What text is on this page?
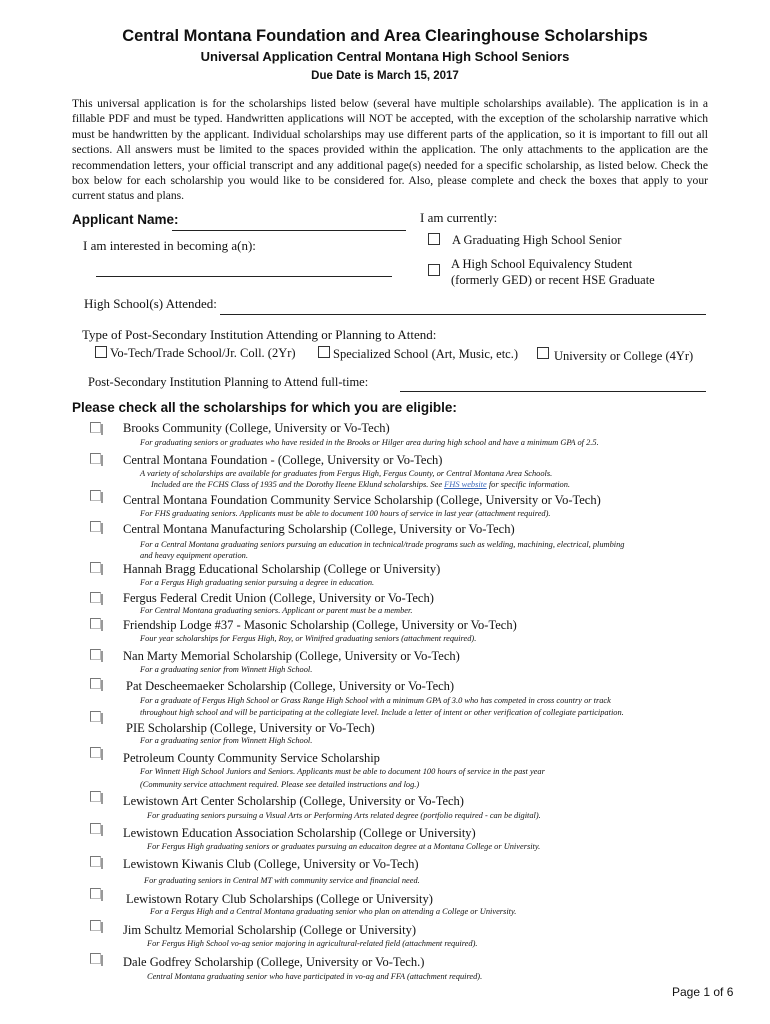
Central Montana Foundation and Area Clearinghouse Scholarships
Universal Application Central Montana High School Seniors
Due Date is March 15, 2017
This universal application is for the scholarships listed below (several have multiple scholarships available). The application is in a fillable PDF and must be typed. Handwritten applications will NOT be accepted, with the exception of the scholarship narrative which must be handwritten by the applicant. Individual scholarships may use different parts of the application, so it is important to fill out all sections. All answers must be limited to the spaces provided within the application. The only attachments to the application are the recommendation letters, your official transcript and any additional page(s) needed for a specific scholarship, as listed below. Check the box below for each scholarship you would like to be considered for. Also, please complete and check the boxes that apply to your current status and plans.
Applicant Name:	I am currently:
I am interested in becoming a(n):	A Graduating High School Senior
A High School Equivalency Student
(formerly GED) or recent HSE Graduate
High School(s) Attended:
Type of Post-Secondary Institution Attending or Planning to Attend:
Vo-Tech/Trade School/Jr. Coll. (2Yr)	Specialized School (Art, Music, etc.)	University or College (4Yr)
Post-Secondary Institution Planning to Attend full-time:
Please check all the scholarships for which you are eligible:
Brooks Community (College, University or Vo-Tech)
For graduating seniors or graduates who have resided in the Brooks or Hilger area during high school and have a minimum GPA of 2.5.
Central Montana Foundation - (College, University or Vo-Tech)
A variety of scholarships are available for graduates from Fergus High, Fergus County, or Central Montana Area Schools.
Included are the FCHS Class of 1935 and the Dorothy Ileene Eklund scholarships. See FHS website for specific information.
Central Montana Foundation Community Service Scholarship (College, University or Vo-Tech)
For FHS graduating seniors. Applicants must be able to document 100 hours of service in last year (attachment required).
Central Montana Manufacturing Scholarship (College, University or Vo-Tech)
For a Central Montana graduating seniors pursuing an education in technical/trade programs such as welding, machining, electrical, plumbing
and heavy equipment operation.
Hannah Bragg Educational Scholarship (College or University)
For a Fergus High graduating senior pursuing a degree in education.
Fergus Federal Credit Union (College, University or Vo-Tech)
For Central Montana graduating seniors. Applicant or parent must be a member.
Friendship Lodge #37 - Masonic Scholarship (College, University or Vo-Tech)
Four year scholarships for Fergus High, Roy, or Winifred graduating seniors (attachment required).
Nan Marty Memorial Scholarship (College, University or Vo-Tech)
For a graduating senior from Winnett High School.
Pat Descheemaeker Scholarship (College, University or Vo-Tech)
For a graduate of Fergus High School or Grass Range High School with a minimum GPA of 3.0 who has competed in cross country or track
throughout high school and will be participating at the collegiate level. Include a letter of intent or other verification of collegiate participation.
PIE Scholarship (College, University or Vo-Tech)
For a graduating senior from Winnett High School.
Petroleum County Community Service Scholarship
For Winnett High School Juniors and Seniors. Applicants must be able to document 100 hours of service in the past year
(Community service attachment required. Please see detailed instructions and log.)
Lewistown Art Center Scholarship (College, University or Vo-Tech)
For graduating seniors pursuing a Visual Arts or Performing Arts related degree (portfolio required - can be digital).
Lewistown Education Association Scholarship (College or University)
For Fergus High graduating seniors or graduates pursuing an educaiton degree at a Montana College or University.
Lewistown Kiwanis Club (College, University or Vo-Tech)
For graduating seniors in Central MT with community service and financial need.
Lewistown Rotary Club Scholarships (College or University)
For a Fergus High and a Central Montana graduating senior who plan on attending a College or University.
Jim Schultz Memorial Scholarship (College or University)
For Fergus High School vo-ag senior majoring in agricultural-related field (attachment required).
Dale Godfrey Scholarship (College, University or Vo-Tech.)
Central Montana graduating senior who have participated in vo-ag and FFA (attachment required).
Page 1 of 6
